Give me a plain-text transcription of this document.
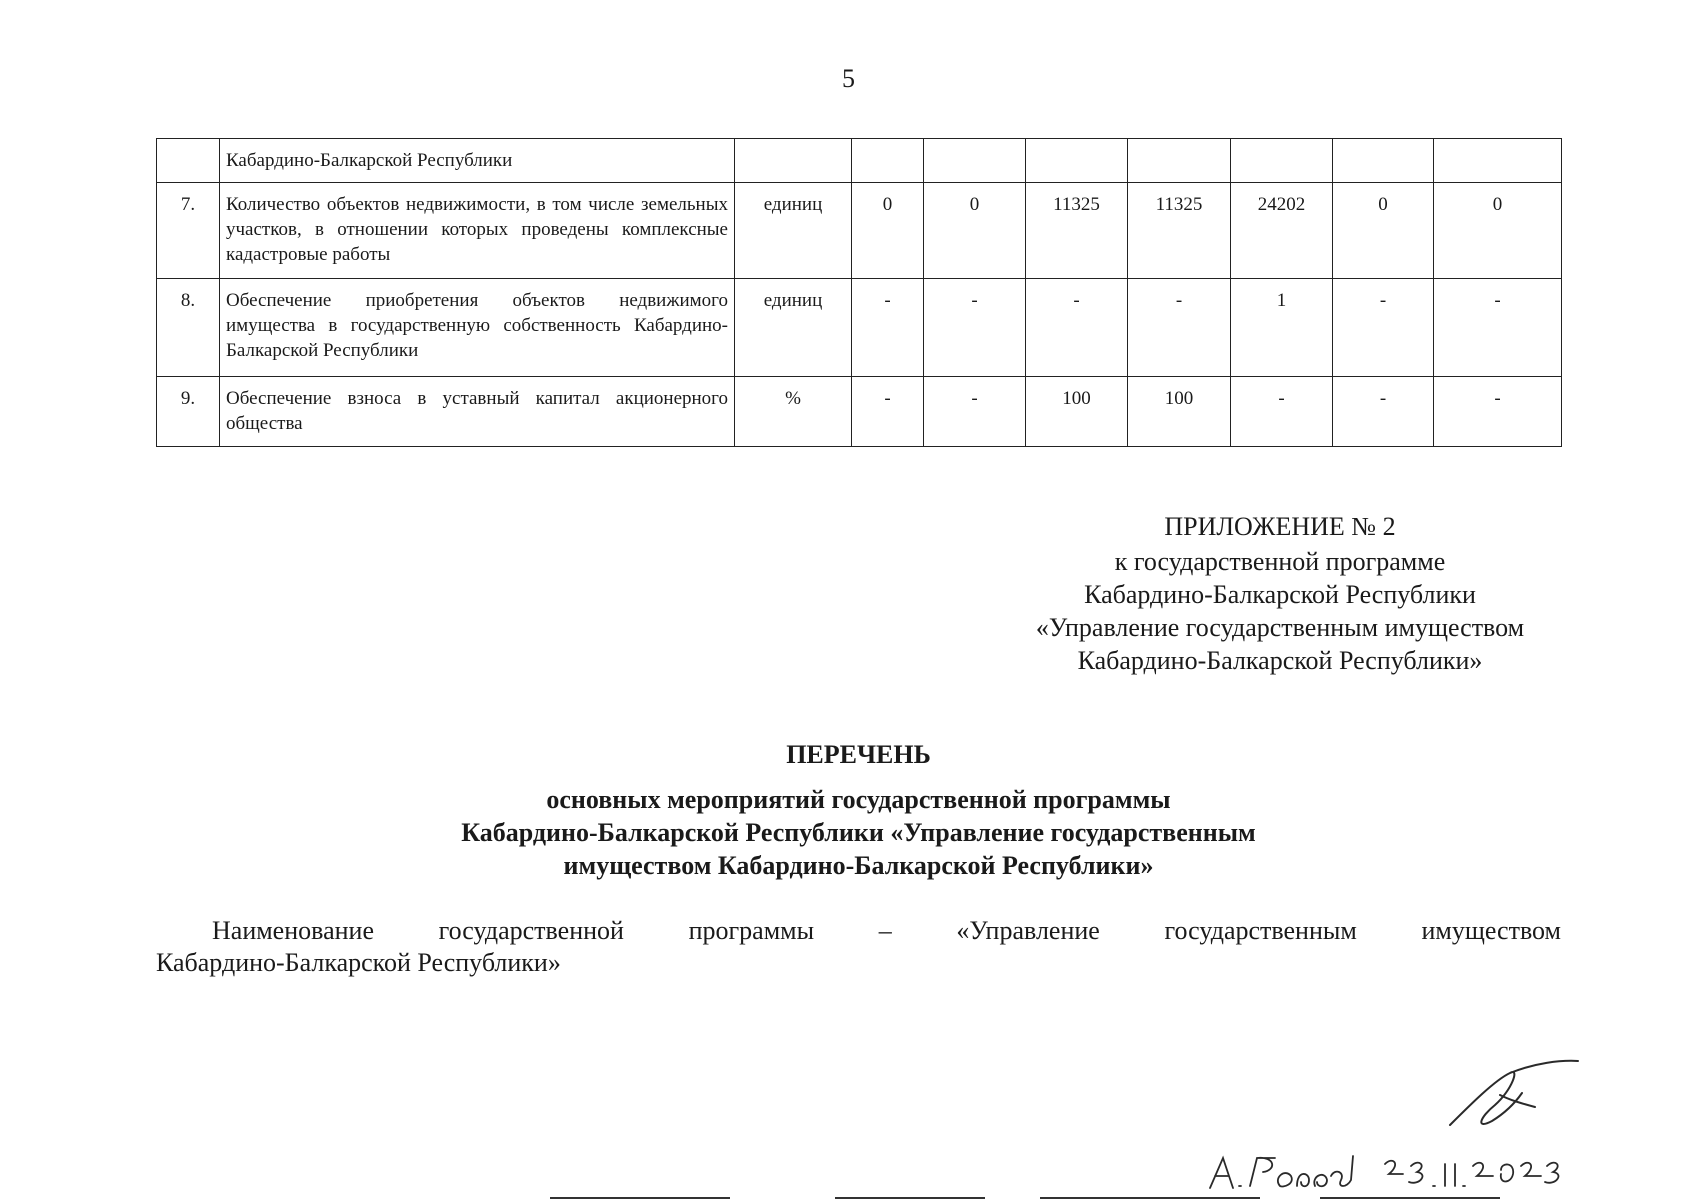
5
	Кабардино-Балкарской Республики								
7.	Количество объектов недвижимости, в том числе земельных участков, в отношении которых проведены комплексные кадастровые работы	единиц	0	0	11325	11325	24202	0	0
8.	Обеспечение приобретения объектов недвижимого имущества в государственную собственность Кабардино-Балкарской Республики	единиц	-	-	-	-	1	-	-
9.	Обеспечение взноса в уставный капитал акционерного общества	%	-	-	100	100	-	-	-
ПРИЛОЖЕНИЕ № 2
к государственной программе
Кабардино-Балкарской Республики
«Управление государственным имуществом
Кабардино-Балкарской Республики»
ПЕРЕЧЕНЬ
основных мероприятий государственной программы
Кабардино-Балкарской Республики «Управление государственным
имуществом Кабардино-Балкарской Республики»
Наименование государственной программы – «Управление государственным имуществом
Кабардино-Балкарской Республики»
